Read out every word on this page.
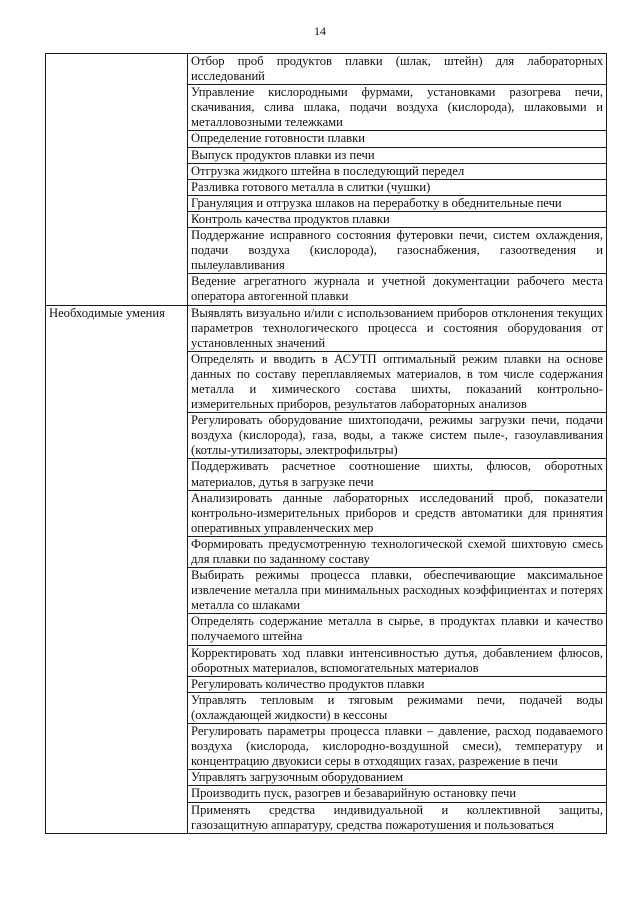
14
	Отбор проб продуктов плавки (шлак, штейн) для лабораторных исследований
	Управление кислородными фурмами, установками разогрева печи, скачивания, слива шлака, подачи воздуха (кислорода), шлаковыми и металловозными тележками
	Определение готовности плавки
	Выпуск продуктов плавки из печи
	Отгрузка жидкого штейна в последующий передел
	Разливка готового металла в слитки (чушки)
	Грануляция и отгрузка шлаков на переработку в обеднительные печи
	Контроль качества продуктов плавки
	Поддержание исправного состояния футеровки печи, систем охлаждения, подачи воздуха (кислорода), газоснабжения, газоотведения и пылеулавливания
	Ведение агрегатного журнала и учетной документации рабочего места оператора автогенной плавки
Необходимые умения	Выявлять визуально и/или с использованием приборов отклонения текущих параметров технологического процесса и состояния оборудования от установленных значений
	Определять и вводить в АСУТП оптимальный режим плавки на основе данных по составу переплавляемых материалов, в том числе содержания металла и химического состава шихты, показаний контрольно-измерительных приборов, результатов лабораторных анализов
	Регулировать оборудование шихтоподачи, режимы загрузки печи, подачи воздуха (кислорода), газа, воды, а также систем пыле-, газоулавливания (котлы-утилизаторы, электрофильтры)
	Поддерживать расчетное соотношение шихты, флюсов, оборотных материалов, дутья в загрузке печи
	Анализировать данные лабораторных исследований проб, показатели контрольно-измерительных приборов и средств автоматики для принятия оперативных управленческих мер
	Формировать предусмотренную технологической схемой шихтовую смесь для плавки по заданному составу
	Выбирать режимы процесса плавки, обеспечивающие максимальное извлечение металла при минимальных расходных коэффициентах и потерях металла со шлаками
	Определять содержание металла в сырье, в продуктах плавки и качество получаемого штейна
	Корректировать ход плавки интенсивностью дутья, добавлением флюсов, оборотных материалов, вспомогательных материалов
	Регулировать количество продуктов плавки
	Управлять тепловым и тяговым режимами печи, подачей воды (охлаждающей жидкости) в кессоны
	Регулировать параметры процесса плавки – давление, расход подаваемого воздуха (кислорода, кислородно-воздушной смеси), температуру и концентрацию двуокиси серы в отходящих газах, разрежение в печи
	Управлять загрузочным оборудованием
	Производить пуск, разогрев и безаварийную остановку печи
	Применять средства индивидуальной и коллективной защиты, газозащитную аппаратуру, средства пожаротушения и пользоваться
